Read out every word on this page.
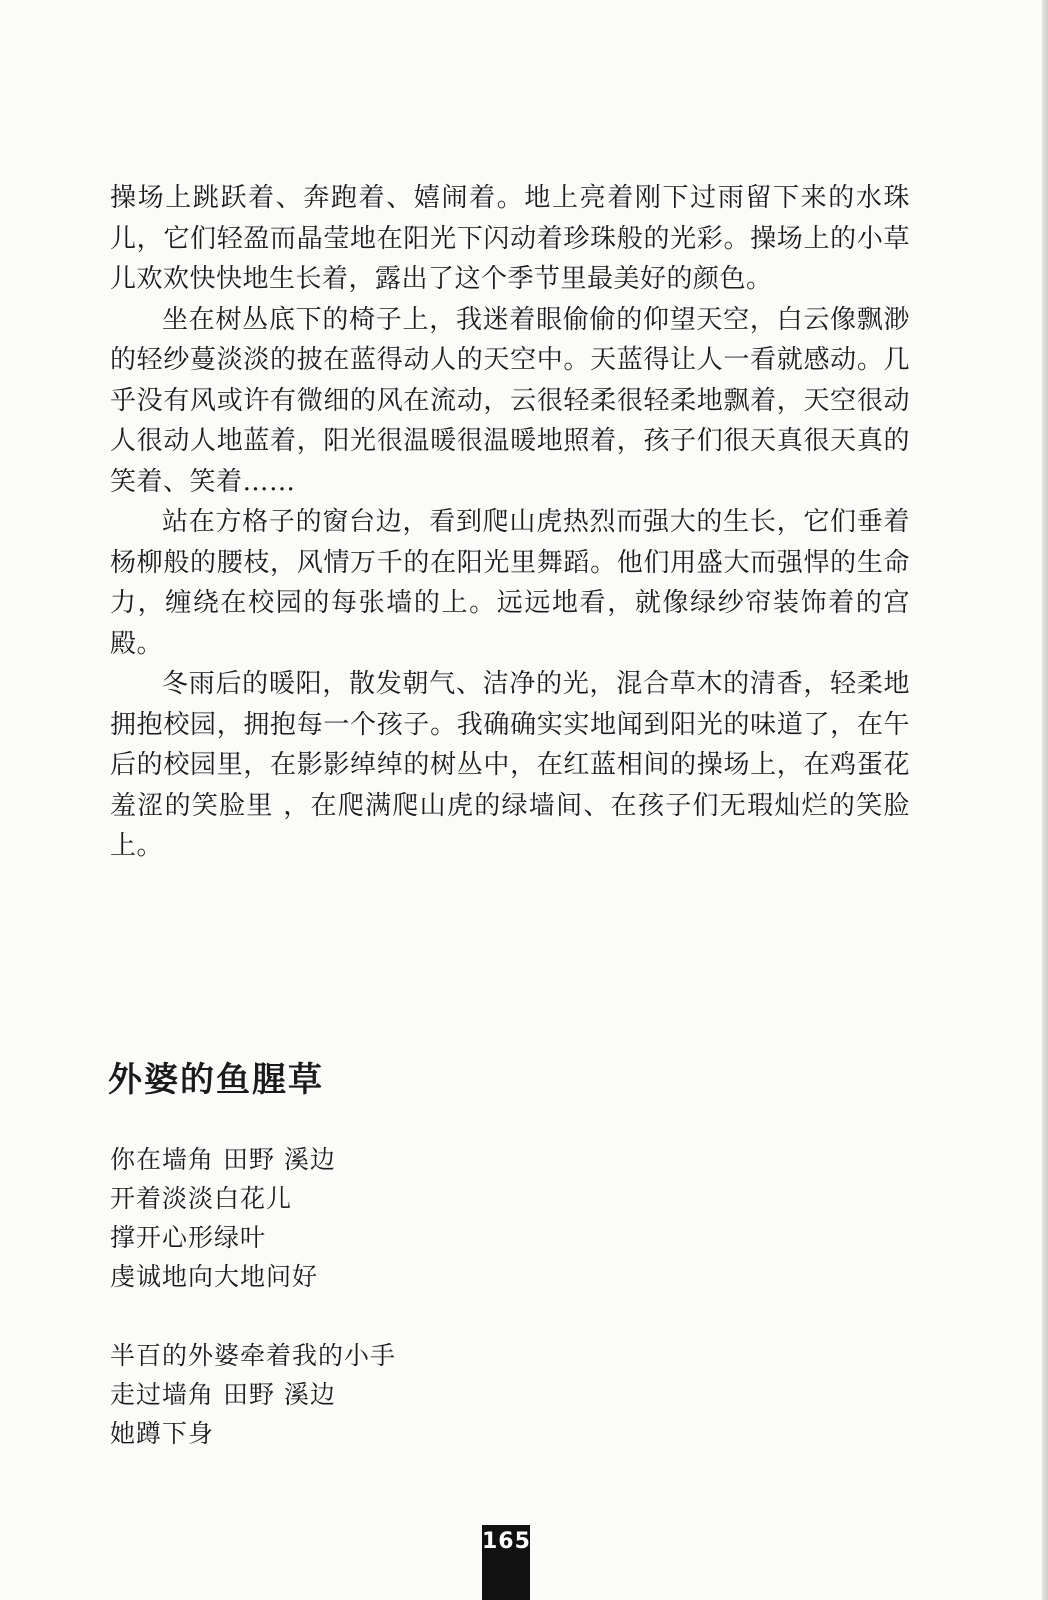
操场上跳跃着、奔跑着、嬉闹着。地上亮着刚下过雨留下来的水珠儿，它们轻盈而晶莹地在阳光下闪动着珍珠般的光彩。操场上的小草儿欢欢快快地生长着，露出了这个季节里最美好的颜色。

坐在树丛底下的椅子上，我迷着眼偷偷的仰望天空，白云像飘渺的轻纱蔓淡淡的披在蓝得动人的天空中。天蓝得让人一看就感动。几乎没有风或许有微细的风在流动，云很轻柔很轻柔地飘着，天空很动人很动人地蓝着，阳光很温暖很温暖地照着，孩子们很天真很天真的笑着、笑着……

站在方格子的窗台边，看到爬山虎热烈而强大的生长，它们垂着杨柳般的腰枝，风情万千的在阳光里舞蹈。他们用盛大而强悍的生命力，缠绕在校园的每张墙的上。远远地看，就像绿纱帘装饰着的宫殿。

冬雨后的暖阳，散发朝气、洁净的光，混合草木的清香，轻柔地拥抱校园，拥抱每一个孩子。我确确实实地闻到阳光的味道了，在午后的校园里，在影影绰绰的树丛中，在红蓝相间的操场上，在鸡蛋花羞涩的笑脸里 ，在爬满爬山虎的绿墙间、在孩子们无瑕灿烂的笑脸上。

外婆的鱼腥草
你在墙角 田野 溪边
开着淡淡白花儿
撑开心形绿叶
虔诚地向大地问好
半百的外婆牵着我的小手
走过墙角 田野 溪边
她蹲下身
165
